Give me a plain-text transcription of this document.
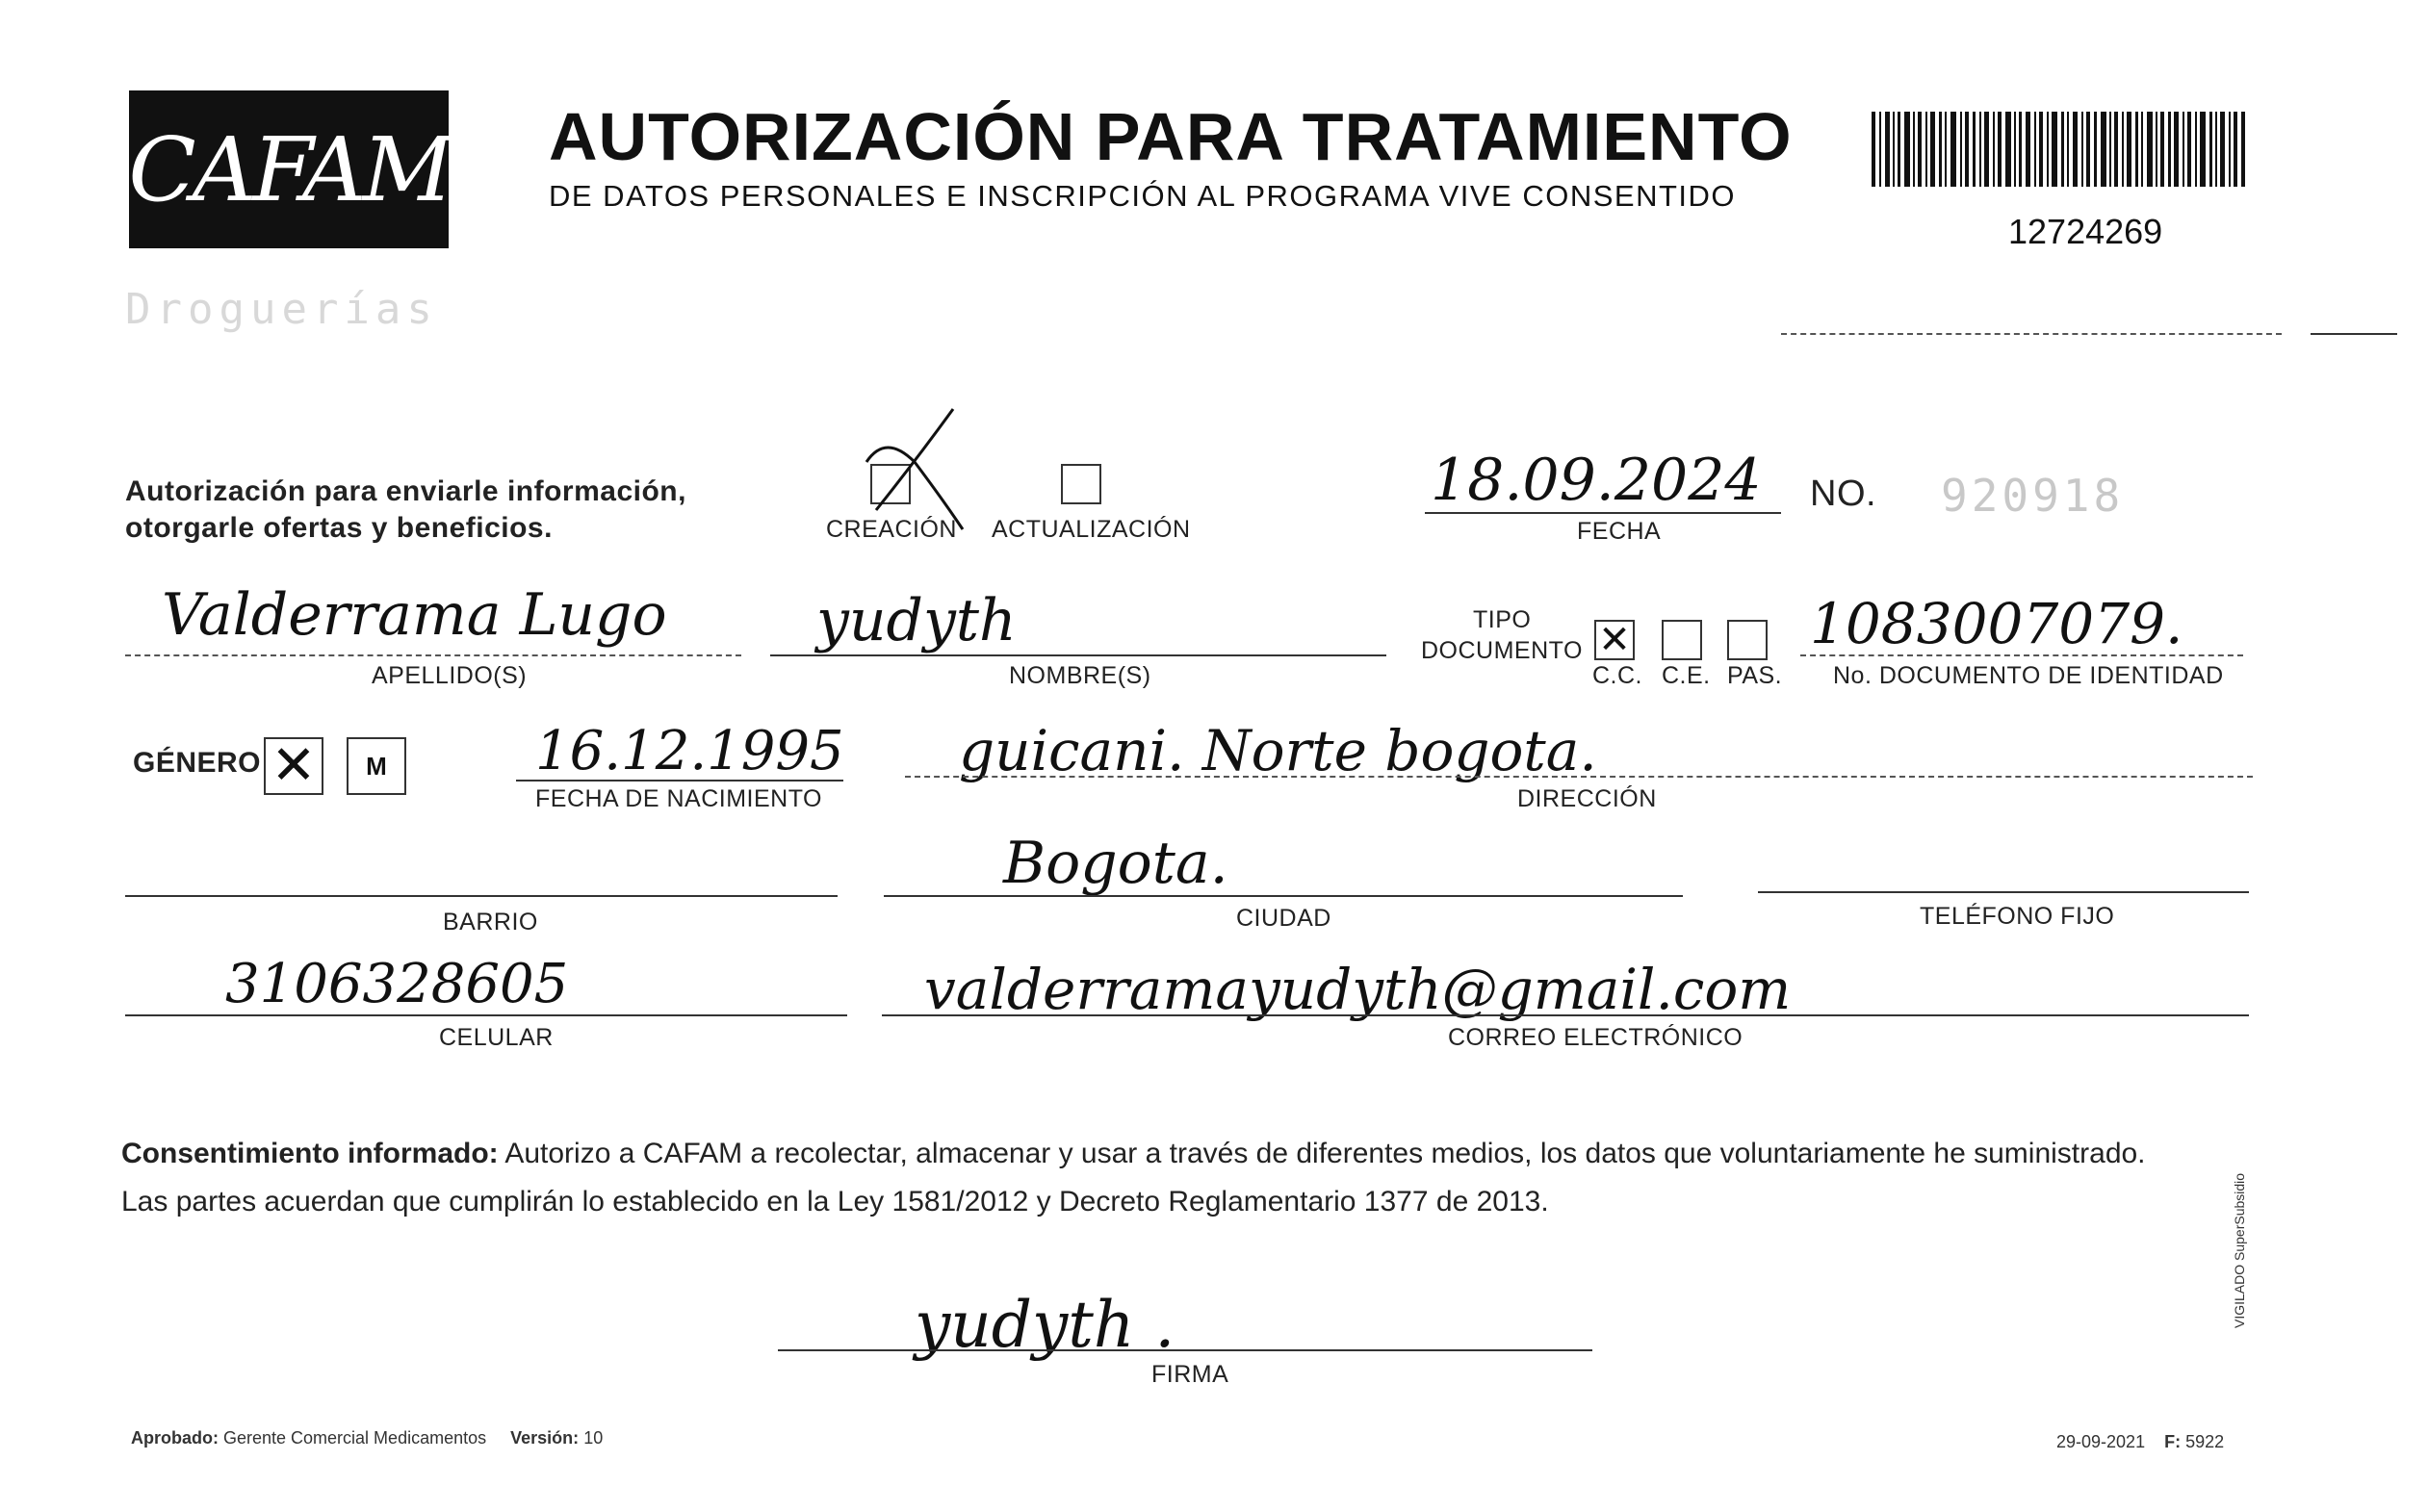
CAFAM
Droguerías
AUTORIZACIÓN PARA TRATAMIENTO
DE DATOS PERSONALES E INSCRIPCIÓN AL PROGRAMA VIVE CONSENTIDO
12724269
Autorización para enviarle información,
otorgarle ofertas y beneficios.	CREACIÓN ACTUALIZACIÓN
18.09.2024
FECHA
NO. 920918
Valderrama Lugo
APELLIDO(S)
yudyth
NOMBRE(S)
TIPO
DOCUMENTO ✕
C.C. C.E. PAS.
1083007079.
No. DOCUMENTO DE IDENTIDAD
GÉNERO ✕	M	16.12.1995
FECHA DE NACIMIENTO
guicani. Norte bogota.
DIRECCIÓN
BARRIO
Bogota.
CIUDAD	TELÉFONO FIJO
3106328605
CELULAR
valderramayudyth@gmail.com
CORREO ELECTRÓNICO
Consentimiento informado: Autorizo a CAFAM a recolectar, almacenar y usar a través de diferentes medios, los datos que voluntariamente he suministrado.
Las partes acuerdan que cumplirán lo establecido en la Ley 1581/2012 y Decreto Reglamentario 1377 de 2013.
yudyth .
FIRMA
VIGILADO SuperSubsidio
Aprobado: Gerente Comercial Medicamentos Versión: 10	29-09-2021 F: 5922
